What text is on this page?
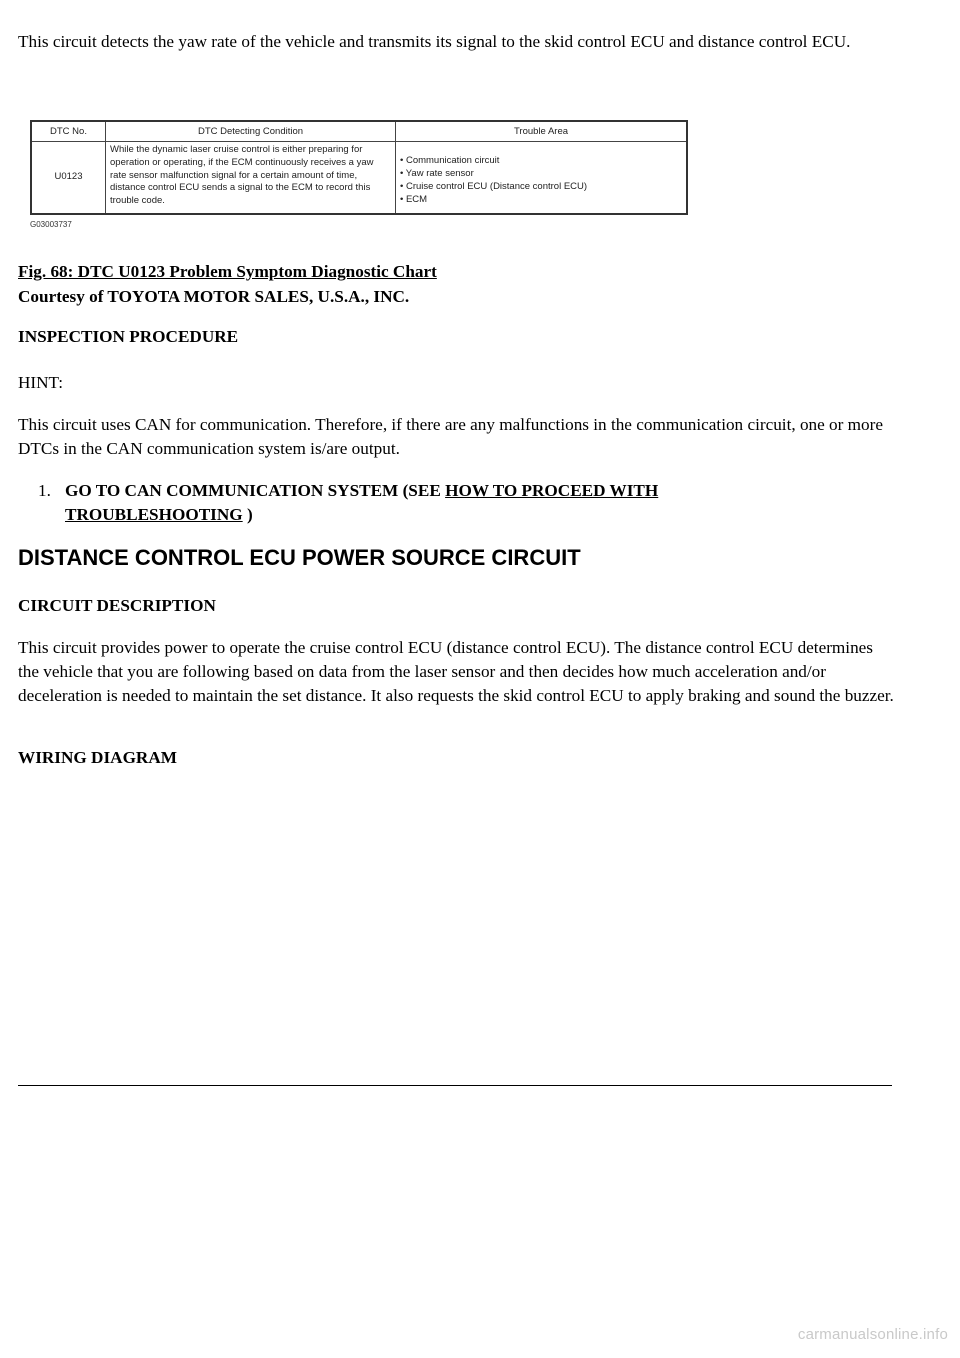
This circuit detects the yaw rate of the vehicle and transmits its signal to the skid control ECU and distance control ECU.

DTC No.	DTC Detecting Condition	Trouble Area
U0123
While the dynamic laser cruise control is either preparing for
operation or operating, if the ECM continuously receives a yaw
rate sensor malfunction signal for a certain amount of time,
distance control ECU sends a signal to the ECM to record this
trouble code.
• Communication circuit
• Yaw rate sensor
• Cruise control ECU (Distance control ECU)
• ECM
G03003737

Fig. 68: DTC U0123 Problem Symptom Diagnostic Chart

Courtesy of TOYOTA MOTOR SALES, U.S.A., INC.

INSPECTION PROCEDURE

HINT:

This circuit uses CAN for communication. Therefore, if there are any malfunctions in the communication circuit, one or more DTCs in the CAN communication system is/are output.

1. GO TO CAN COMMUNICATION SYSTEM (SEE HOW TO PROCEED WITH TROUBLESHOOTING )
DISTANCE CONTROL ECU POWER SOURCE CIRCUIT

CIRCUIT DESCRIPTION

This circuit provides power to operate the cruise control ECU (distance control ECU). The distance control ECU determines the vehicle that you are following based on data from the laser sensor and then decides how much acceleration and/or deceleration is needed to maintain the set distance. It also requests the skid control ECU to apply braking and sound the buzzer.

WIRING DIAGRAM

carmanualsonline.info
